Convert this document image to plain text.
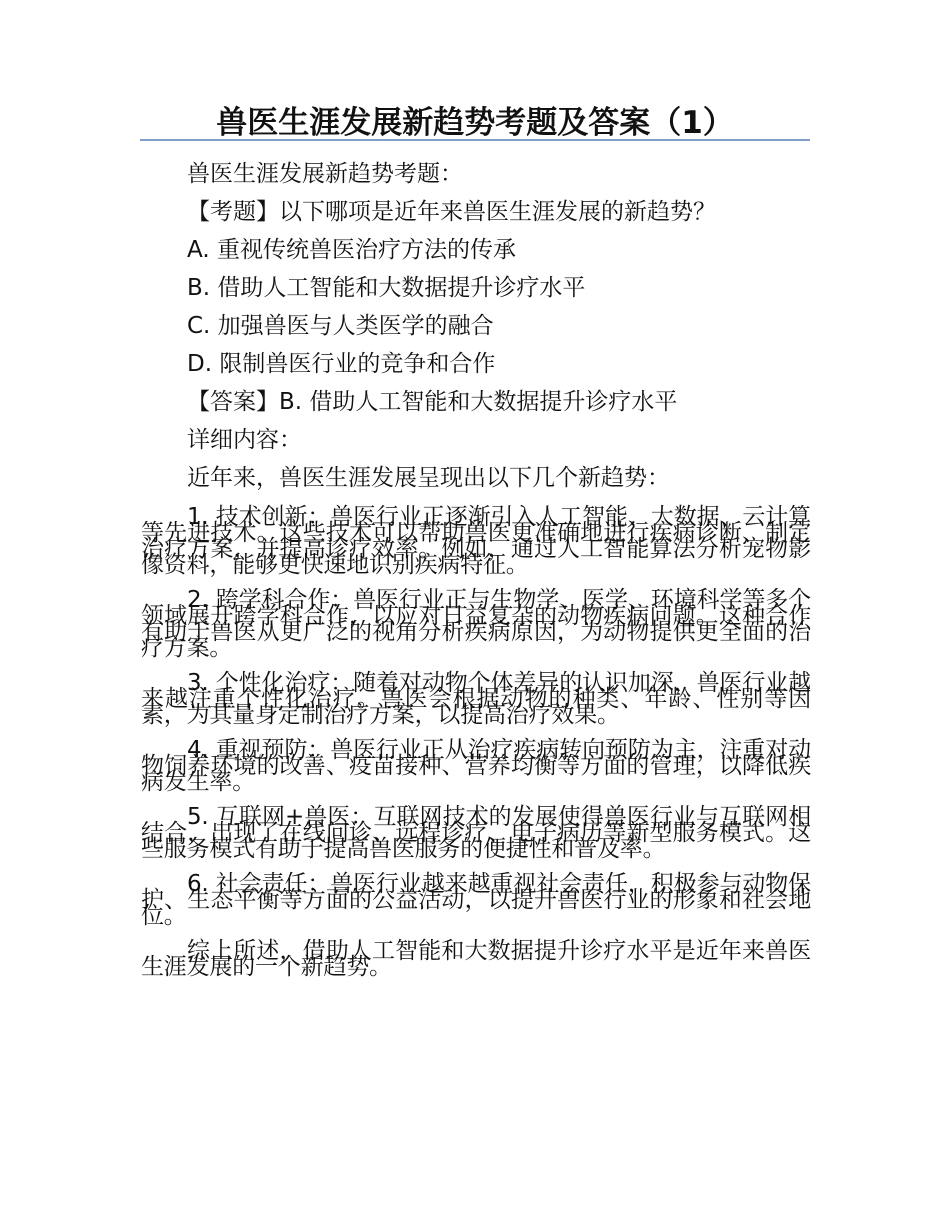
兽医生涯发展新趋势考题及答案（1）
兽医生涯发展新趋势考题：
【考题】以下哪项是近年来兽医生涯发展的新趋势？
A. 重视传统兽医治疗方法的传承
B. 借助人工智能和大数据提升诊疗水平
C. 加强兽医与人类医学的融合
D. 限制兽医行业的竞争和合作
【答案】B. 借助人工智能和大数据提升诊疗水平
详细内容：
近年来，兽医生涯发展呈现出以下几个新趋势：
1. 技术创新：兽医行业正逐渐引入人工智能、大数据、云计算等先进技术。这些技术可以帮助兽医更准确地进行疾病诊断、制定治疗方案，并提高诊疗效率。例如，通过人工智能算法分析宠物影像资料，能够更快速地识别疾病特征。
2. 跨学科合作：兽医行业正与生物学、医学、环境科学等多个领域展开跨学科合作，以应对日益复杂的动物疾病问题。这种合作有助于兽医从更广泛的视角分析疾病原因，为动物提供更全面的治疗方案。
3. 个性化治疗：随着对动物个体差异的认识加深，兽医行业越来越注重个性化治疗。兽医会根据动物的种类、年龄、性别等因素，为其量身定制治疗方案，以提高治疗效果。
4. 重视预防：兽医行业正从治疗疾病转向预防为主，注重对动物饲养环境的改善、疫苗接种、营养均衡等方面的管理，以降低疾病发生率。
5. 互联网+兽医：互联网技术的发展使得兽医行业与互联网相结合，出现了在线问诊、远程诊疗、电子病历等新型服务模式。这些服务模式有助于提高兽医服务的便捷性和普及率。
6. 社会责任：兽医行业越来越重视社会责任，积极参与动物保护、生态平衡等方面的公益活动，以提升兽医行业的形象和社会地位。
综上所述，借助人工智能和大数据提升诊疗水平是近年来兽医生涯发展的一个新趋势。
